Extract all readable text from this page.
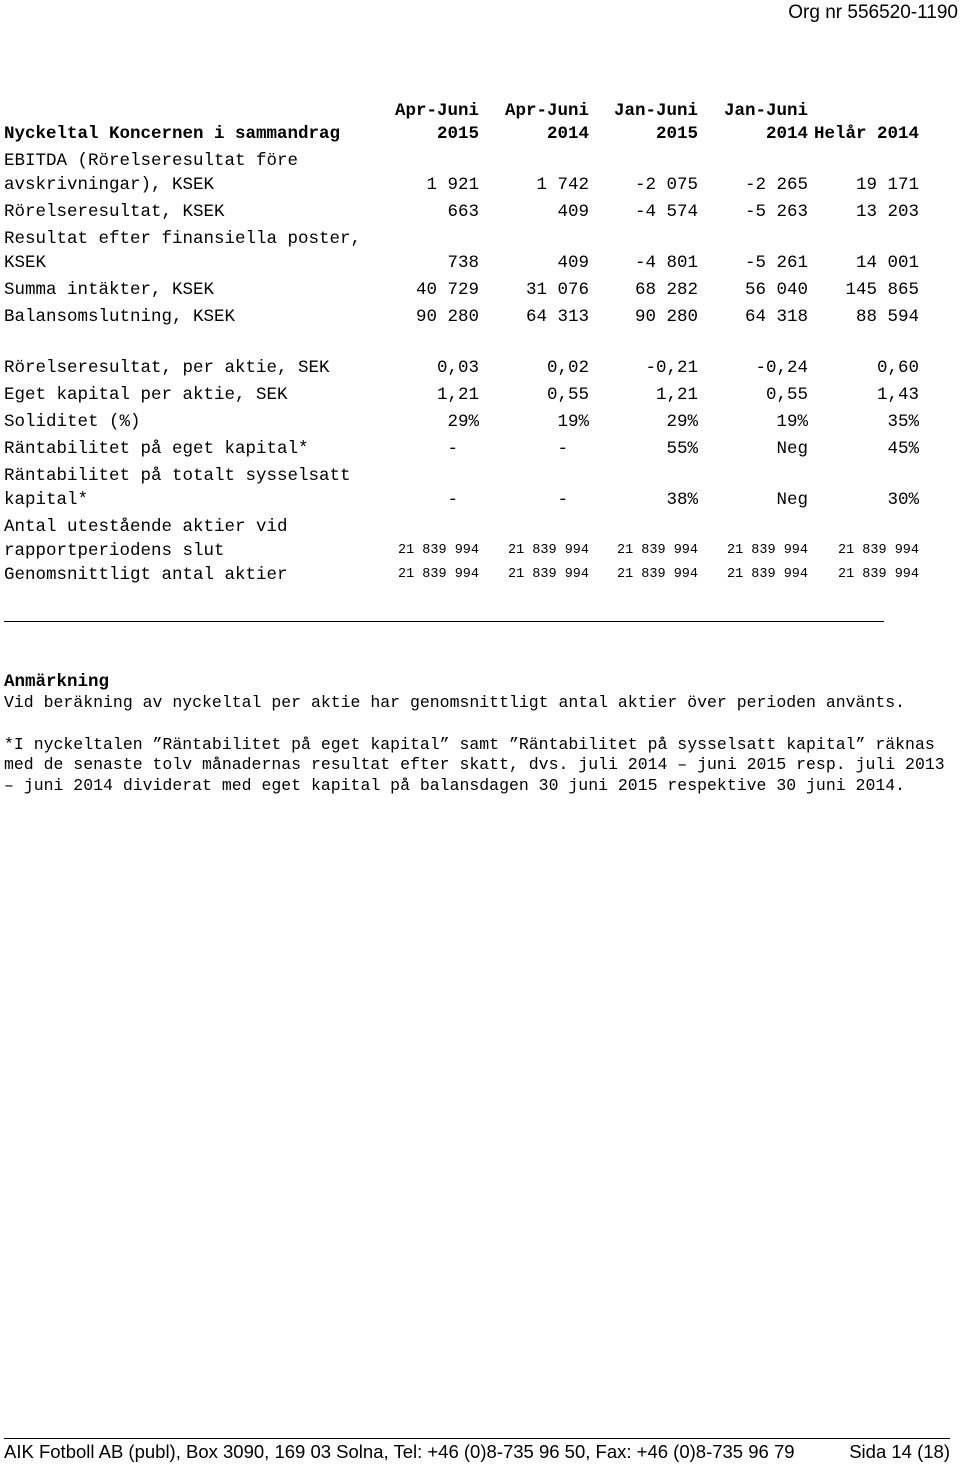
Org nr 556520-1190
Nyckeltal Koncernen i sammandrag	Apr-Juni 2015	Apr-Juni 2014	Jan-Juni 2015	Jan-Juni 2014	Helår 2014
EBITDA (Rörelseresultat före avskrivningar), KSEK	1 921	1 742	-2 075	-2 265	19 171
Rörelseresultat, KSEK	663	409	-4 574	-5 263	13 203
Resultat efter finansiella poster, KSEK	738	409	-4 801	-5 261	14 001
Summa intäkter, KSEK	40 729	31 076	68 282	56 040	145 865
Balansomslutning, KSEK	90 280	64 313	90 280	64 318	88 594
Rörelseresultat, per aktie, SEK	0,03	0,02	-0,21	-0,24	0,60
Eget kapital per aktie, SEK	1,21	0,55	1,21	0,55	1,43
Soliditet (%)	29%	19%	29%	19%	35%
Räntabilitet på eget kapital*	-	-	55%	Neg	45%
Räntabilitet på totalt sysselsatt kapital*	-	-	38%	Neg	30%
Antal utestående aktier vid rapportperiodens slut	21 839 994	21 839 994	21 839 994	21 839 994	21 839 994
Genomsnittligt antal aktier	21 839 994	21 839 994	21 839 994	21 839 994	21 839 994
Anmärkning

Vid beräkning av nyckeltal per aktie har genomsnittligt antal aktier över perioden använts.

*I nyckeltalen ”Räntabilitet på eget kapital” samt ”Räntabilitet på sysselsatt kapital” räknas med de senaste tolv månadernas resultat efter skatt, dvs. juli 2014 – juni 2015 resp. juli 2013 – juni 2014 dividerat med eget kapital på balansdagen 30 juni 2015 respektive 30 juni 2014.

AIK Fotboll AB (publ), Box 3090, 169 03 Solna, Tel: +46 (0)8-735 96 50, Fax: +46 (0)8-735 96 79	Sida 14 (18)
